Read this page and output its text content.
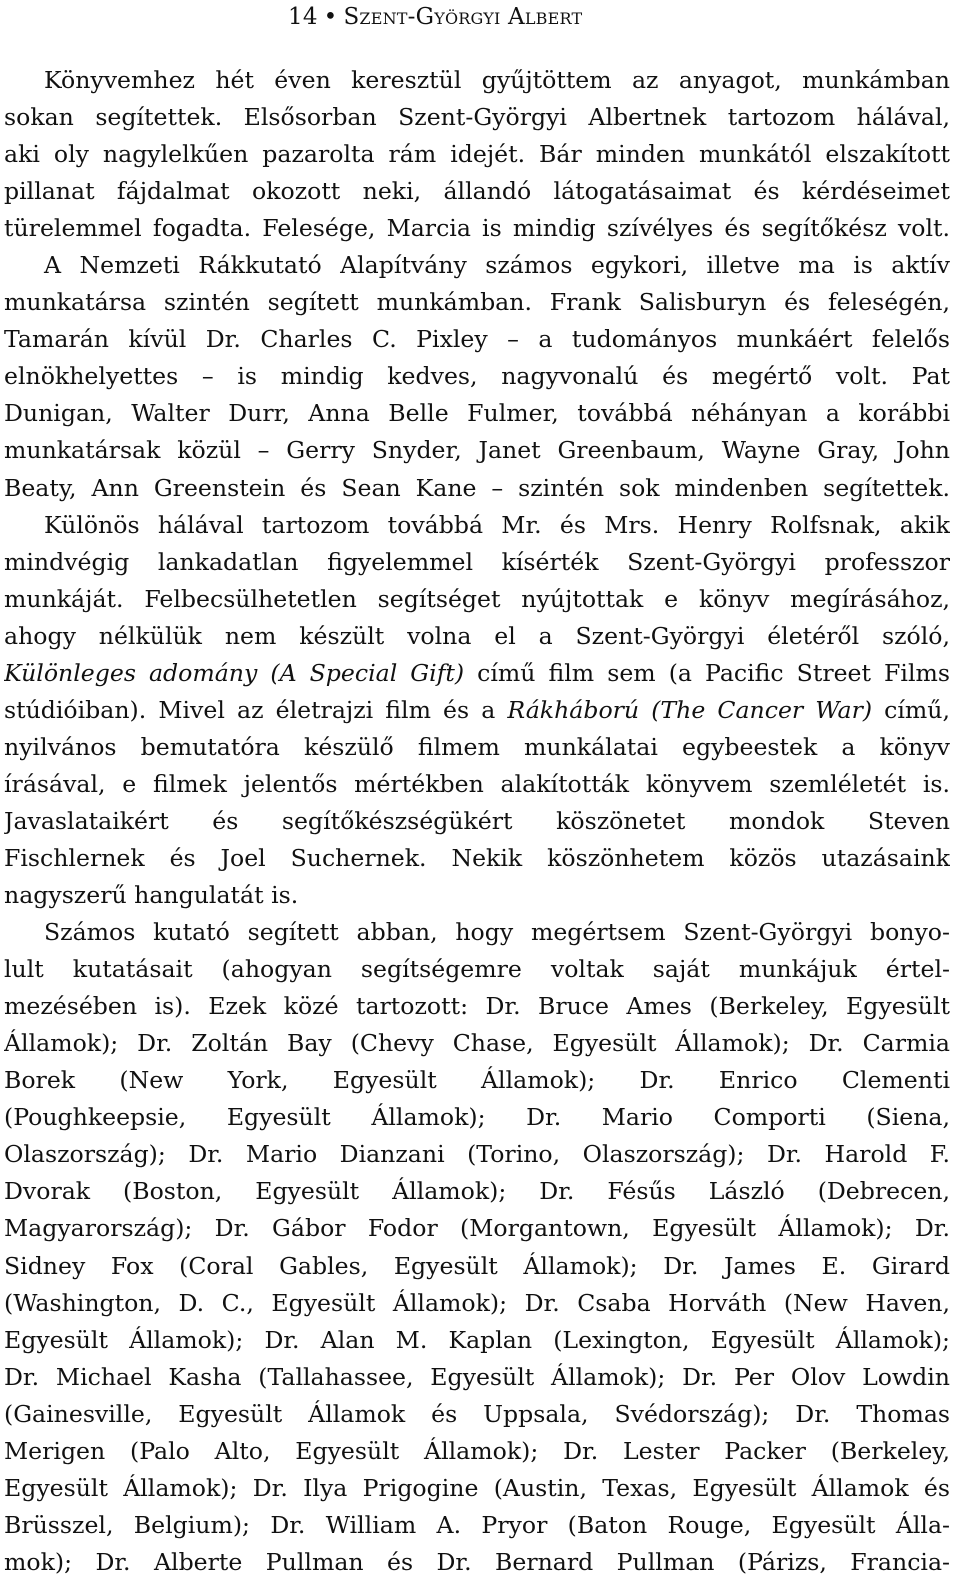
14 • Szent-Györgyi Albert
Könyvemhez hét éven keresztül gyűjtöttem az anyagot, munkámban
sokan segítettek. Elsősorban Szent-Györgyi Albertnek tartozom hálával,
aki oly nagylelkűen pazarolta rám idejét. Bár minden munkától elszakított
pillanat fájdalmat okozott neki, állandó látogatásaimat és kérdéseimet
türelemmel fogadta. Felesége, Marcia is mindig szívélyes és segítőkész volt.
A Nemzeti Rákkutató Alapítvány számos egykori, illetve ma is aktív
munkatársa szintén segített munkámban. Frank Salisburyn és feleségén,
Tamarán kívül Dr. Charles C. Pixley – a tudományos munkáért felelős
elnökhelyettes – is mindig kedves, nagyvonalú és megértő volt. Pat
Dunigan, Walter Durr, Anna Belle Fulmer, továbbá néhányan a korábbi
munkatársak közül – Gerry Snyder, Janet Greenbaum, Wayne Gray, John
Beaty, Ann Greenstein és Sean Kane – szintén sok mindenben segítettek.
Különös hálával tartozom továbbá Mr. és Mrs. Henry Rolfsnak, akik
mindvégig lankadatlan figyelemmel kísérték Szent-Györgyi professzor
munkáját. Felbecsülhetetlen segítséget nyújtottak e könyv megírásához,
ahogy nélkülük nem készült volna el a Szent-Györgyi életéről szóló,
Különleges adomány (A Special Gift) című film sem (a Pacific Street Films
stúdióiban). Mivel az életrajzi film és a Rákháború (The Cancer War) című,
nyilvános bemutatóra készülő filmem munkálatai egybeestek a könyv
írásával, e filmek jelentős mértékben alakították könyvem szemléletét is.
Javaslataikért és segítőkészségükért köszönetet mondok Steven
Fischlernek és Joel Suchernek. Nekik köszönhetem közös utazásaink
nagyszerű hangulatát is.
Számos kutató segített abban, hogy megértsem Szent-Györgyi bonyo-
lult kutatásait (ahogyan segítségemre voltak saját munkájuk értel-
mezésében is). Ezek közé tartozott: Dr. Bruce Ames (Berkeley, Egyesült
Államok); Dr. Zoltán Bay (Chevy Chase, Egyesült Államok); Dr. Carmia
Borek (New York, Egyesült Államok); Dr. Enrico Clementi
(Poughkeepsie, Egyesült Államok); Dr. Mario Comporti (Siena,
Olaszország); Dr. Mario Dianzani (Torino, Olaszország); Dr. Harold F.
Dvorak (Boston, Egyesült Államok); Dr. Fésűs László (Debrecen,
Magyarország); Dr. Gábor Fodor (Morgantown, Egyesült Államok); Dr.
Sidney Fox (Coral Gables, Egyesült Államok); Dr. James E. Girard
(Washington, D. C., Egyesült Államok); Dr. Csaba Horváth (New Haven,
Egyesült Államok); Dr. Alan M. Kaplan (Lexington, Egyesült Államok);
Dr. Michael Kasha (Tallahassee, Egyesült Államok); Dr. Per Olov Lowdin
(Gainesville, Egyesült Államok és Uppsala, Svédország); Dr. Thomas
Merigen (Palo Alto, Egyesült Államok); Dr. Lester Packer (Berkeley,
Egyesült Államok); Dr. Ilya Prigogine (Austin, Texas, Egyesült Államok és
Brüsszel, Belgium); Dr. William A. Pryor (Baton Rouge, Egyesült Álla-
mok); Dr. Alberte Pullman és Dr. Bernard Pullman (Párizs, Francia-
